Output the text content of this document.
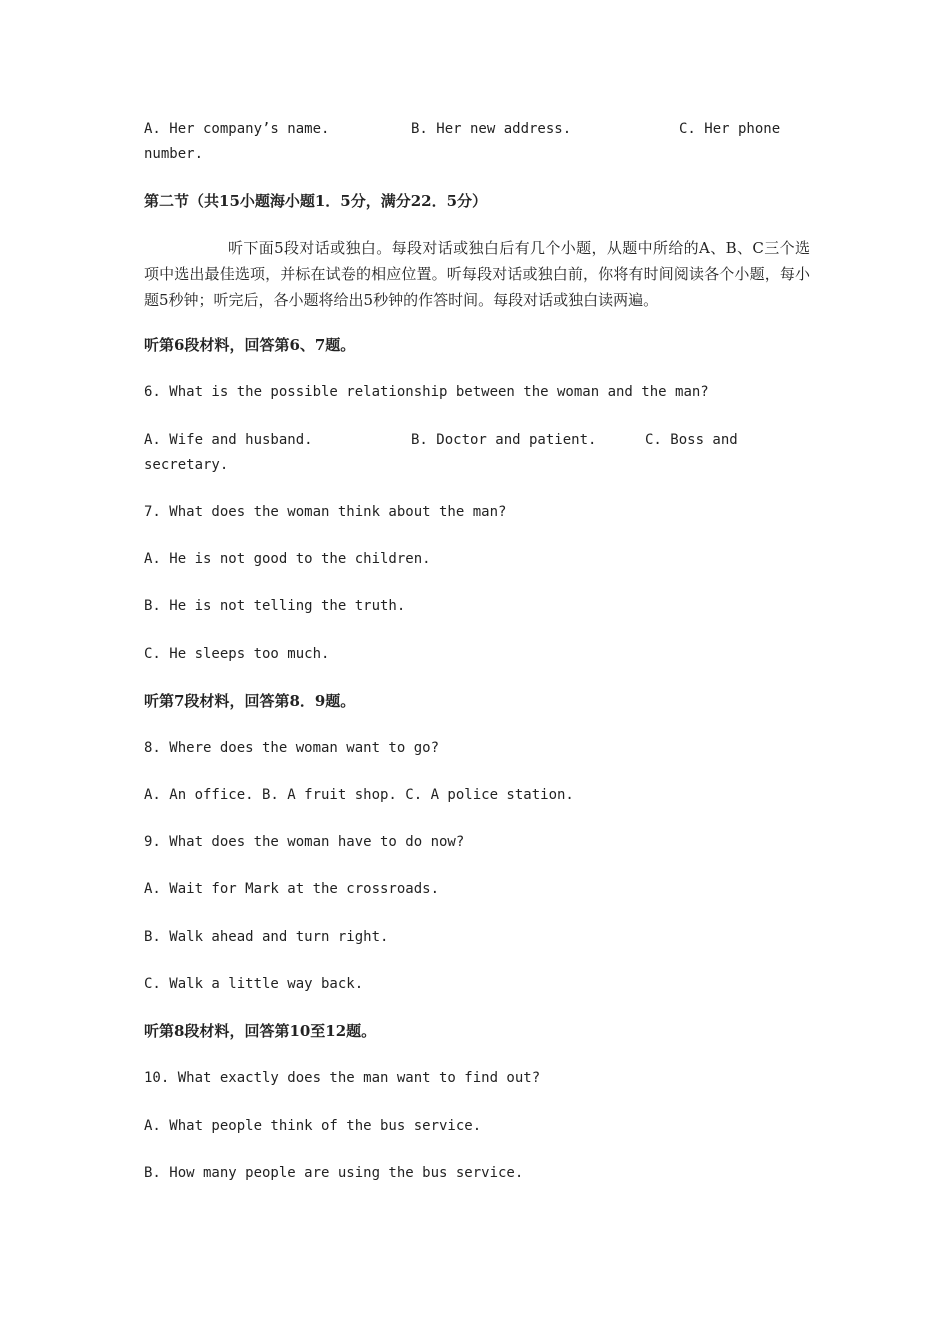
A. Her company’s name.	B. Her new address.	C. Her phone
number.
第二节（共15小题海小题1．5分，满分22．5分）
听下面5段对话或独白。每段对话或独白后有几个小题，从题中所给的A、B、C三个选项中选出最佳选项，并标在试卷的相应位置。听每段对话或独白前，你将有时间阅读各个小题，每小题5秒钟；听完后，各小题将给出5秒钟的作答时间。每段对话或独白读两遍。
听第6段材料，回答第6、7题。
6. What is the possible relationship between the woman and the man?
A. Wife and husband.	B. Doctor and patient.	C. Boss and
secretary.
7. What does the woman think about the man?
A. He is not good to the children.
B. He is not telling the truth.
C. He sleeps too much.
听第7段材料，回答第8．9题。
8. Where does the woman want to go?
A. An office. B. A fruit shop. C. A police station.
9. What does the woman have to do now?
A. Wait for Mark at the crossroads.
B. Walk ahead and turn right.
C. Walk a little way back.
听第8段材料，回答第10至12题。
10. What exactly does the man want to find out?
A. What people think of the bus service.
B. How many people are using the bus service.
